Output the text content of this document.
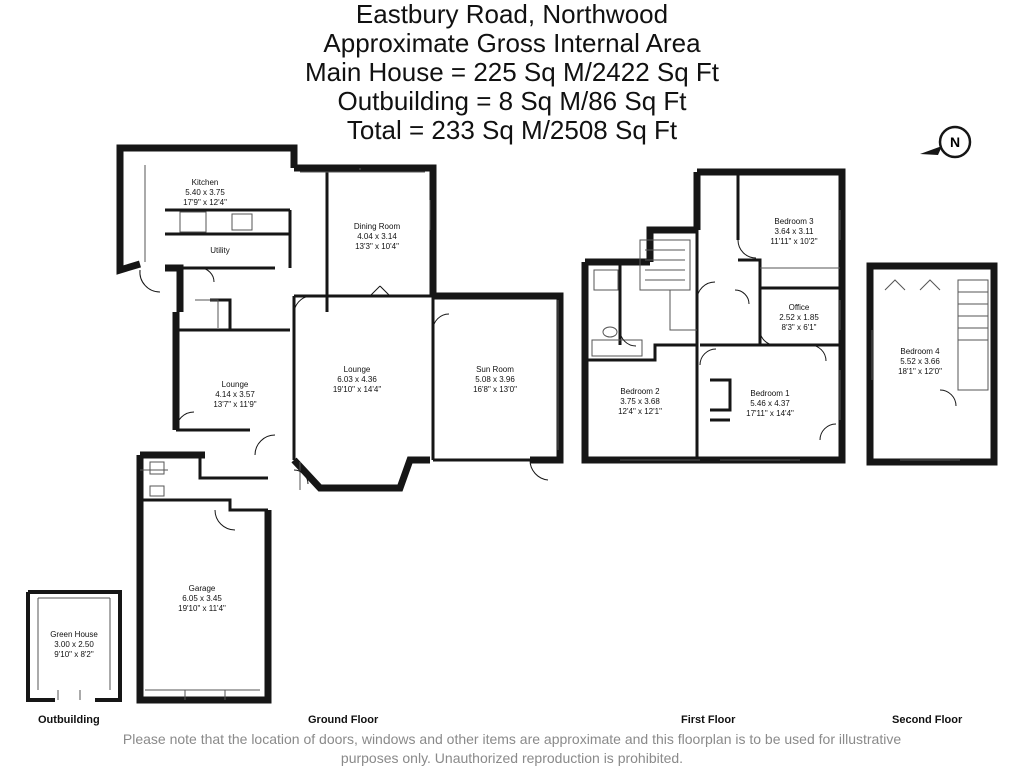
Eastbury Road, Northwood
Approximate Gross Internal Area
Main House = 225 Sq M/2422 Sq Ft
Outbuilding = 8 Sq M/86 Sq Ft
Total = 233 Sq M/2508 Sq Ft	N
Kitchen
5.40 x 3.75
17'9" x 12'4"
Utility
Dining Room
4.04 x 3.14
13'3" x 10'4"
Lounge
4.14 x 3.57
13'7" x 11'9"
Lounge
6.03 x 4.36
19'10" x 14'4"
Sun Room
5.08 x 3.96
16'8" x 13'0"
Garage
6.05 x 3.45
19'10" x 11'4"
Green House
3.00 x 2.50
9'10" x 8'2"
Bedroom 3
3.64 x 3.11
11'11" x 10'2"
Office
2.52 x 1.85
8'3" x 6'1"
Bedroom 2
3.75 x 3.68
12'4" x 12'1"
Bedroom 1
5.46 x 4.37
17'11" x 14'4"
Bedroom 4
5.52 x 3.66
18'1" x 12'0"
Outbuilding	Ground Floor	First Floor	Second Floor
Please note that the location of doors, windows and other items are approximate and this floorplan is to be used for illustrative
purposes only. Unauthorized reproduction is prohibited.
